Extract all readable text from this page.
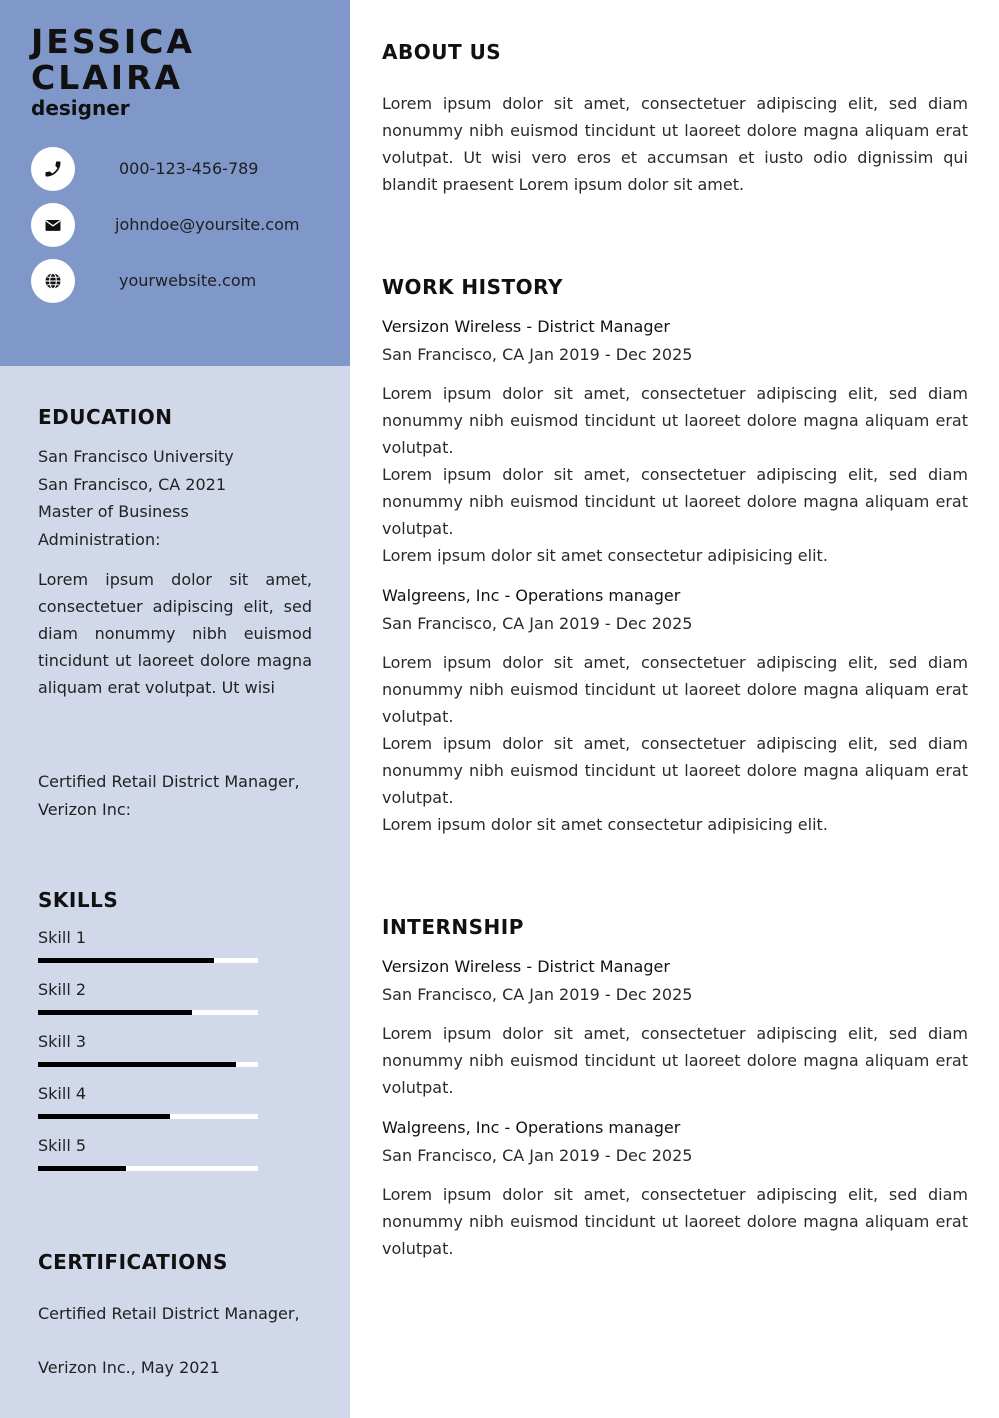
JESSICA
CLAIRA
designer
000-123-456-789
johndoe@yoursite.com
yourwebsite.com
EDUCATION
San Francisco University
San Francisco, CA 2021
Master of Business
Administration:
Lorem ipsum dolor sit amet, consectetuer adipiscing elit, sed diam nonummy nibh euismod tincidunt ut laoreet dolore magna aliquam erat volutpat. Ut wisi
Certified Retail District Manager,
Verizon Inc:
SKILLS
Skill 1
Skill 2
Skill 3
Skill 4
Skill 5
CERTIFICATIONS
Certified Retail District Manager,
Verizon Inc., May 2021
ABOUT US
Lorem ipsum dolor sit amet, consectetuer adipiscing elit, sed diam nonummy nibh euismod tincidunt ut laoreet dolore magna aliquam erat volutpat. Ut wisi vero eros et accumsan et iusto odio dignissim qui blandit praesent Lorem ipsum dolor sit amet.
WORK HISTORY
Versizon Wireless - District Manager
San Francisco, CA Jan 2019 - Dec 2025
Lorem ipsum dolor sit amet, consectetuer adipiscing elit, sed diam nonummy nibh euismod tincidunt ut laoreet dolore magna aliquam erat volutpat.
Lorem ipsum dolor sit amet, consectetuer adipiscing elit, sed diam nonummy nibh euismod tincidunt ut laoreet dolore magna aliquam erat volutpat.
Lorem ipsum dolor sit amet consectetur adipisicing elit.
Walgreens, Inc - Operations manager
San Francisco, CA Jan 2019 - Dec 2025
Lorem ipsum dolor sit amet, consectetuer adipiscing elit, sed diam nonummy nibh euismod tincidunt ut laoreet dolore magna aliquam erat volutpat.
Lorem ipsum dolor sit amet, consectetuer adipiscing elit, sed diam nonummy nibh euismod tincidunt ut laoreet dolore magna aliquam erat volutpat.
Lorem ipsum dolor sit amet consectetur adipisicing elit.
INTERNSHIP
Versizon Wireless - District Manager
San Francisco, CA Jan 2019 - Dec 2025
Lorem ipsum dolor sit amet, consectetuer adipiscing elit, sed diam nonummy nibh euismod tincidunt ut laoreet dolore magna aliquam erat volutpat.
Walgreens, Inc - Operations manager
San Francisco, CA Jan 2019 - Dec 2025
Lorem ipsum dolor sit amet, consectetuer adipiscing elit, sed diam nonummy nibh euismod tincidunt ut laoreet dolore magna aliquam erat volutpat.
